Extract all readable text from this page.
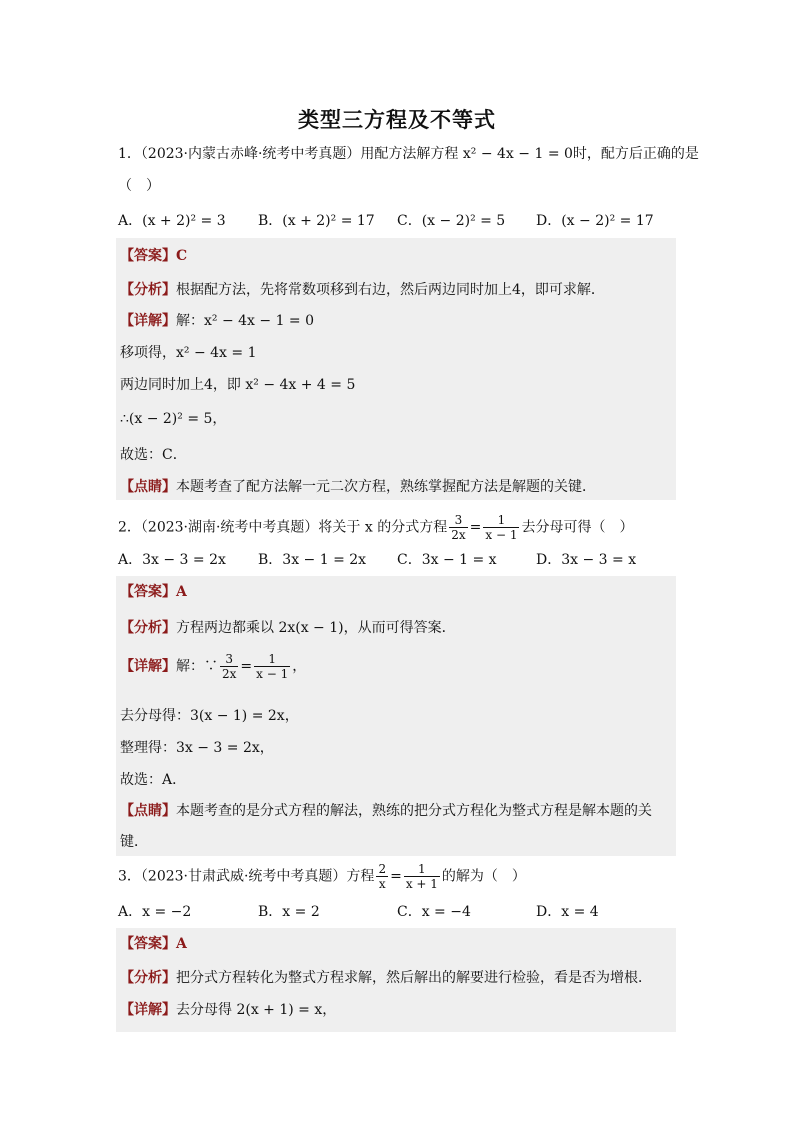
类型三方程及不等式
1．（2023·内蒙古赤峰·统考中考真题）用配方法解方程 x² − 4x − 1 = 0时，配方后正确的是
（　）
A．(x + 2)² = 3 B．(x + 2)² = 17 C．(x − 2)² = 5 D．(x − 2)² = 17
【答案】C
【分析】根据配方法，先将常数项移到右边，然后两边同时加上4，即可求解．
【详解】解：x² − 4x − 1 = 0
移项得，x² − 4x = 1
两边同时加上4，即 x² − 4x + 4 = 5
∴(x − 2)² = 5，
故选：C．
【点睛】本题考查了配方法解一元二次方程，熟练掌握配方法是解题的关键．
2．（2023·湖南·统考中考真题）将关于 x 的分式方程 $\frac{3}{2x} = \frac{1}{x - 1}$ 去分母可得（　）
A．3x − 3 = 2x B．3x − 1 = 2x C．3x − 1 = x	D．3x − 3 = x
【答案】A
【分析】方程两边都乘以 2x(x − 1)，从而可得答案．
【详解】解：∵ $\frac{3}{2x} = \frac{1}{x - 1}$ ，
去分母得：3(x − 1) = 2x，
整理得：3x − 3 = 2x，
故选：A．
【点睛】本题考查的是分式方程的解法，熟练的把分式方程化为整式方程是解本题的关
键．
3．（2023·甘肃武威·统考中考真题）方程 $\frac{2}{x} = \frac{1}{x + 1}$ 的解为（　）
A．x = −2	B．x = 2	C．x = −4	D．x = 4
【答案】A
【分析】把分式方程转化为整式方程求解，然后解出的解要进行检验，看是否为增根．
【详解】去分母得 2(x + 1) = x，
